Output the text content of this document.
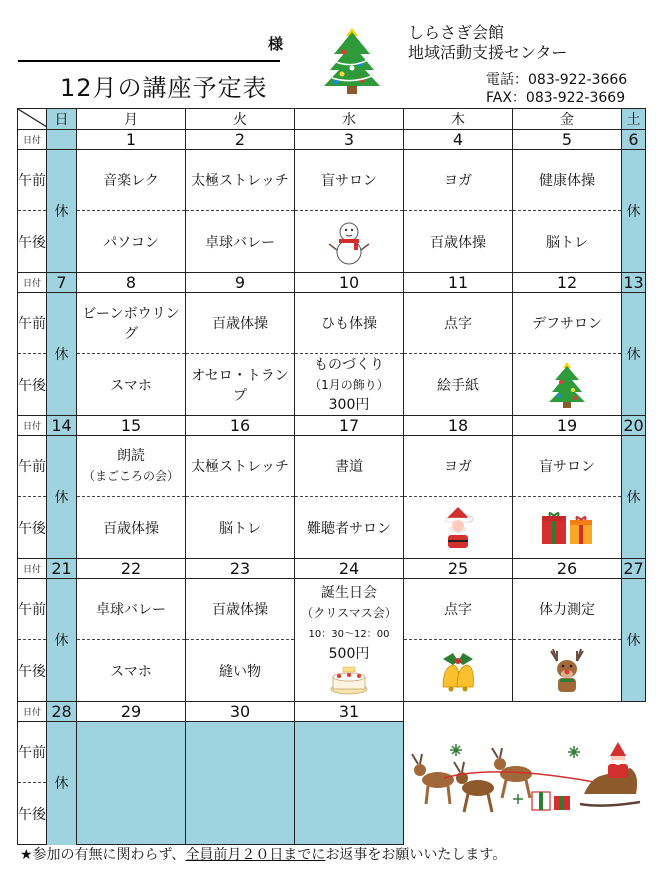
様
12月の講座予定表
しらさぎ会館
地域活動支援センター
電話：083-922-3666
FAX：083-922-3669
	日	月	火	水	木	金	土
日付		1	2	3	4	5	6
午前	休	音楽レク	太極ストレッチ	盲サロン	ヨガ	健康体操	休
午後		パソコン	卓球バレー		百歳体操	脳トレ	
日付	7	8	9	10	11	12	13
午前	休	ビーンボウリング	百歳体操	ひも体操	点字	デフサロン	休
午後		スマホ	オセロ・トランプ	ものづくり
（1月の飾り）
300円	絵手紙	

日付	14	15	16	17	18	19	20
午前	休	朗読
（まごころの会）	太極ストレッチ	書道	ヨガ	盲サロン	休
午後		百歳体操	脳トレ	難聴者サロン	

日付	21	22	23	24	25	26	27
午前	休	卓球バレー	百歳体操	誕生日会
（クリスマス会）
10：30～12：00
500円	点字	体力測定	休
午後		スマホ	縫い物	

日付	28	29	30	31			
午前	休						
午後							
★参加の有無に関わらず、全員前月２０日までにお返事をお願いいたします。
